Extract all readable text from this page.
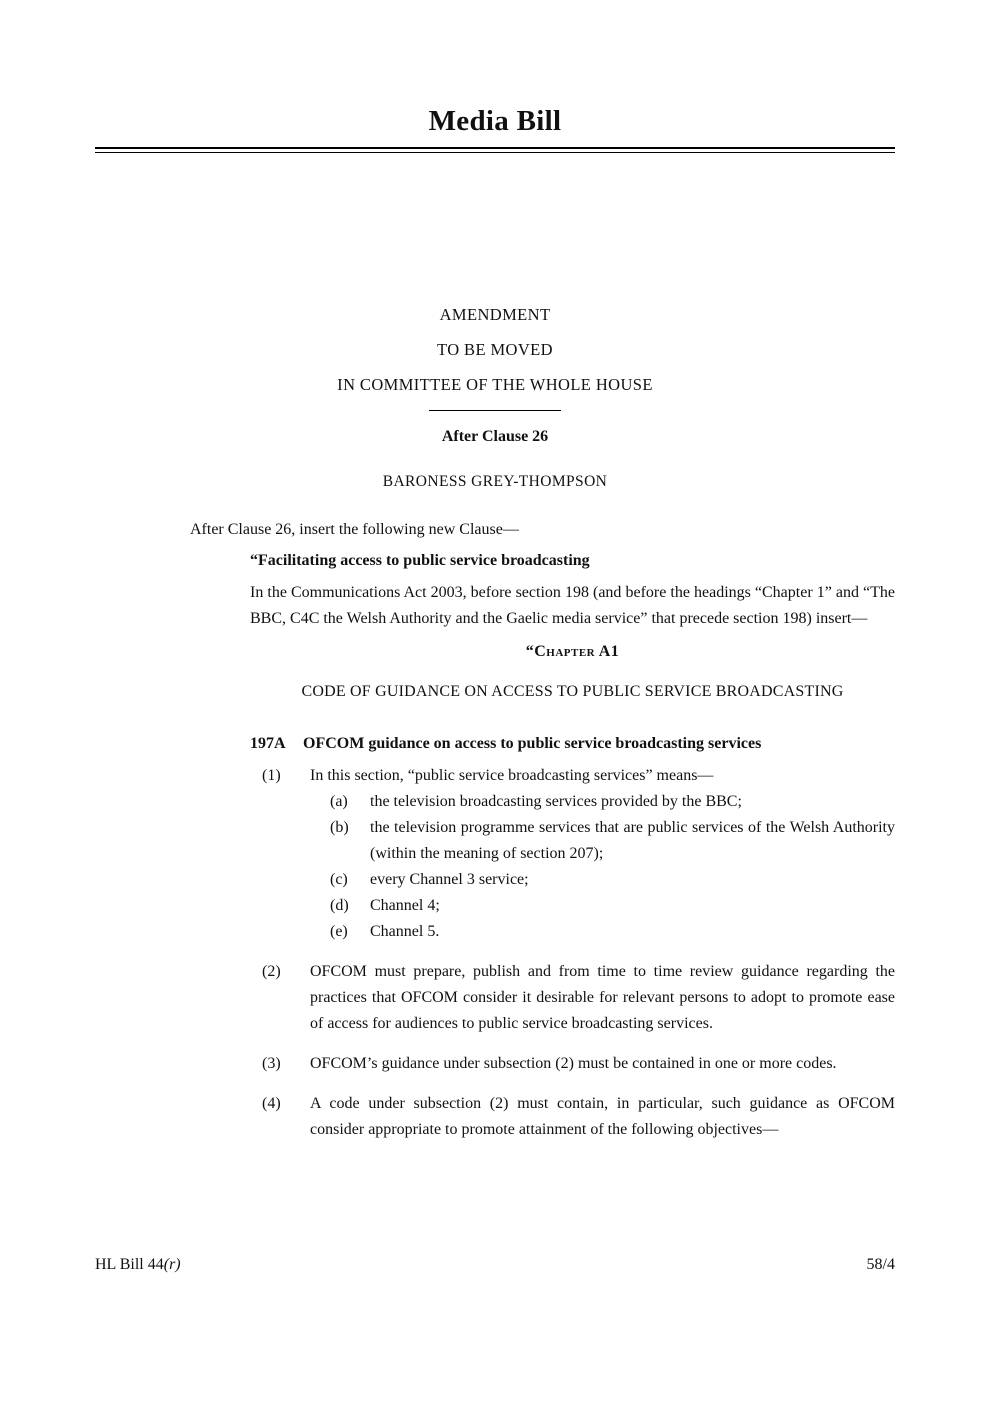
Media Bill
AMENDMENT
TO BE MOVED
IN COMMITTEE OF THE WHOLE HOUSE
After Clause 26
BARONESS GREY-THOMPSON
After Clause 26, insert the following new Clause—
“Facilitating access to public service broadcasting
In the Communications Act 2003, before section 198 (and before the headings “Chapter 1” and “The BBC, C4C the Welsh Authority and the Gaelic media service” that precede section 198) insert—
“Chapter A1
CODE OF GUIDANCE ON ACCESS TO PUBLIC SERVICE BROADCASTING
197A	OFCOM guidance on access to public service broadcasting services
(1)	In this section, “public service broadcasting services” means—
(a)	the television broadcasting services provided by the BBC;
(b)	the television programme services that are public services of the Welsh Authority (within the meaning of section 207);
(c)	every Channel 3 service;
(d)	Channel 4;
(e)	Channel 5.
(2)	OFCOM must prepare, publish and from time to time review guidance regarding the practices that OFCOM consider it desirable for relevant persons to adopt to promote ease of access for audiences to public service broadcasting services.
(3)	OFCOM’s guidance under subsection (2) must be contained in one or more codes.
(4)	A code under subsection (2) must contain, in particular, such guidance as OFCOM consider appropriate to promote attainment of the following objectives—
HL Bill 44(r)	58/4
